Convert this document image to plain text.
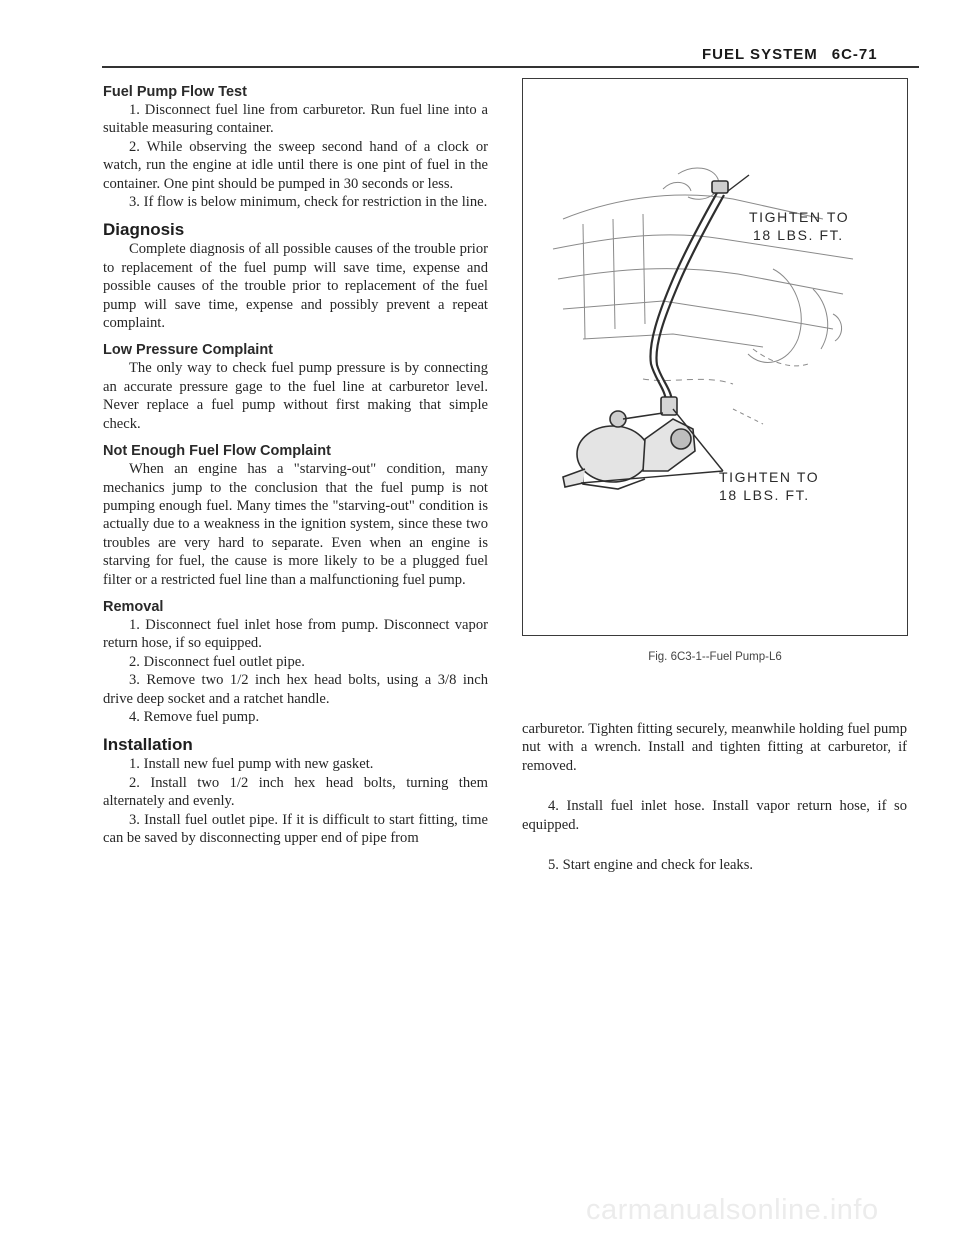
FUEL SYSTEM 6C-71
Fuel Pump Flow Test

1. Disconnect fuel line from carburetor. Run fuel line into a suitable measuring container.

2. While observing the sweep second hand of a clock or watch, run the engine at idle until there is one pint of fuel in the container. One pint should be pumped in 30 seconds or less.

3. If flow is below minimum, check for restriction in the line.

Diagnosis

Complete diagnosis of all possible causes of the trouble prior to replacement of the fuel pump will save time, expense and possible causes of the trouble prior to replacement of the fuel pump will save time, expense and possibly prevent a repeat complaint.

Low Pressure Complaint

The only way to check fuel pump pressure is by connecting an accurate pressure gage to the fuel line at carburetor level. Never replace a fuel pump without first making that simple check.

Not Enough Fuel Flow Complaint

When an engine has a "starving-out" condition, many mechanics jump to the conclusion that the fuel pump is not pumping enough fuel. Many times the "starving-out" condition is actually due to a weakness in the ignition system, since these two troubles are very hard to separate. Even when an engine is starving for fuel, the cause is more likely to be a plugged fuel filter or a restricted fuel line than a malfunctioning fuel pump.

Removal

1. Disconnect fuel inlet hose from pump. Disconnect vapor return hose, if so equipped.

2. Disconnect fuel outlet pipe.

3. Remove two 1/2 inch hex head bolts, using a 3/8 inch drive deep socket and a ratchet handle.

4. Remove fuel pump.

Installation

1. Install new fuel pump with new gasket.

2. Install two 1/2 inch hex head bolts, turning them alternately and evenly.

3. Install fuel outlet pipe. If it is difficult to start fitting, time can be saved by disconnecting upper end of pipe from

TIGHTEN TO
18 LBS. FT.
TIGHTEN TO
18 LBS. FT.
Fig. 6C3-1--Fuel Pump-L6

carburetor. Tighten fitting securely, meanwhile holding fuel pump nut with a wrench. Install and tighten fitting at carburetor, if removed.

4. Install fuel inlet hose. Install vapor return hose, if so equipped.

5. Start engine and check for leaks.

carmanualsonline.info
